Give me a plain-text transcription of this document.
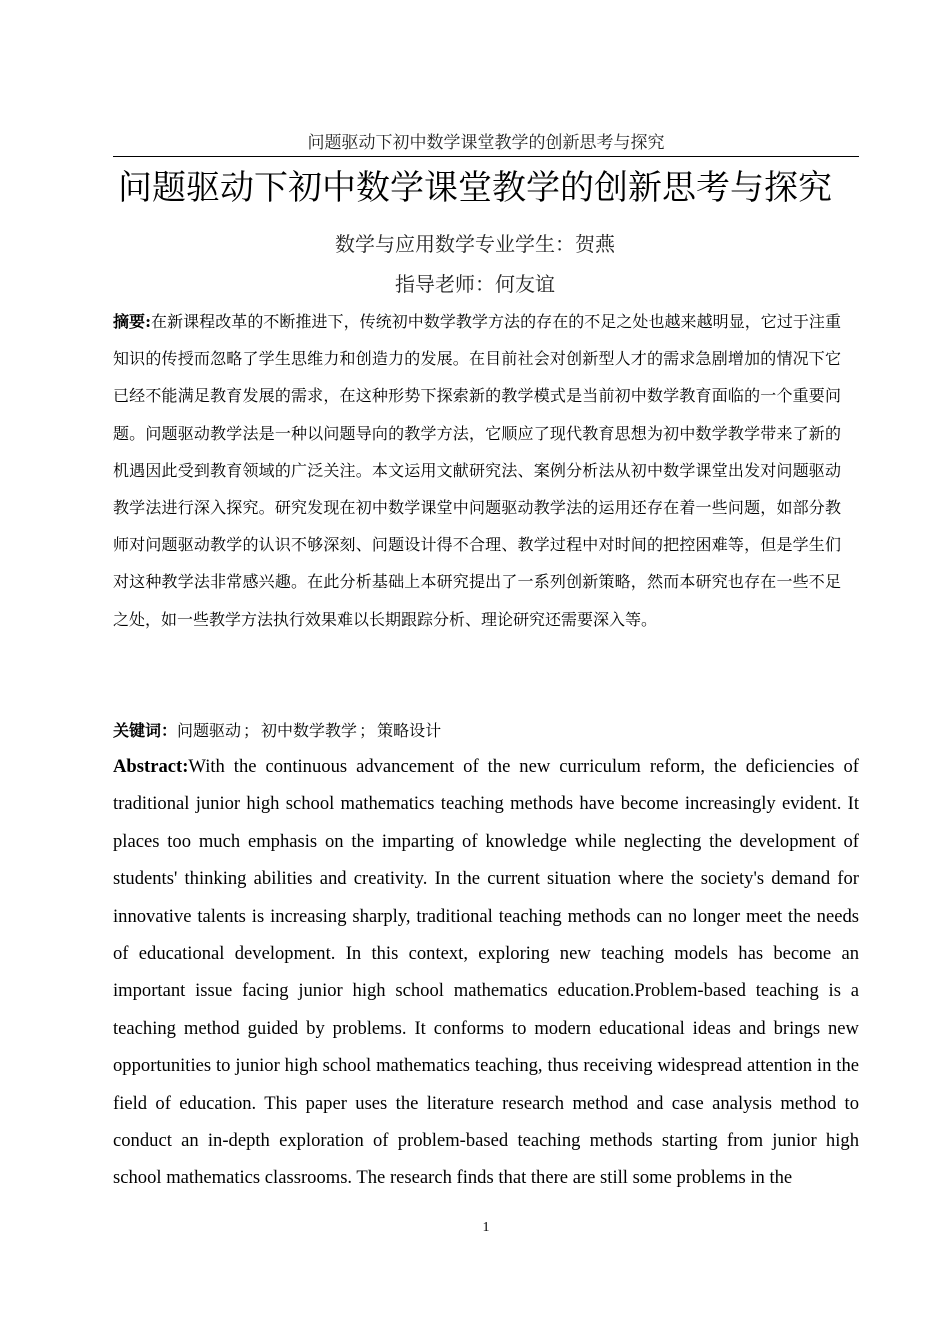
问题驱动下初中数学课堂教学的创新思考与探究
问题驱动下初中数学课堂教学的创新思考与探究
数学与应用数学专业学生：贺燕
指导老师：何友谊

摘要:在新课程改革的不断推进下，传统初中数学教学方法的存在的不足之处也越来越明显，它过于注重知识的传授而忽略了学生思维力和创造力的发展。在目前社会对创新型人才的需求急剧增加的情况下它已经不能满足教育发展的需求，在这种形势下探索新的教学模式是当前初中数学教育面临的一个重要问题。问题驱动教学法是一种以问题导向的教学方法，它顺应了现代教育思想为初中数学教学带来了新的机遇因此受到教育领域的广泛关注。本文运用文献研究法、案例分析法从初中数学课堂出发对问题驱动教学法进行深入探究。研究发现在初中数学课堂中问题驱动教学法的运用还存在着一些问题，如部分教师对问题驱动教学的认识不够深刻、问题设计得不合理、教学过程中对时间的把控困难等，但是学生们对这种教学法非常感兴趣。在此分析基础上本研究提出了一系列创新策略，然而本研究也存在一些不足之处，如一些教学方法执行效果难以长期跟踪分析、理论研究还需要深入等。

关键词：问题驱动 ； 初中数学教学 ； 策略设计

Abstract:With the continuous advancement of the new curriculum reform, the deficiencies of traditional junior high school mathematics teaching methods have become increasingly evident. It places too much emphasis on the imparting of knowledge while neglecting the development of students' thinking abilities and creativity. In the current situation where the society's demand for innovative talents is increasing sharply, traditional teaching methods can no longer meet the needs of educational development. In this context, exploring new teaching models has become an important issue facing junior high school mathematics education.Problem-based teaching is a teaching method guided by problems. It conforms to modern educational ideas and brings new opportunities to junior high school mathematics teaching, thus receiving widespread attention in the field of education. This paper uses the literature research method and case analysis method to conduct an in-depth exploration of problem-based teaching methods starting from junior high school mathematics classrooms. The research finds that there are still some problems in the

1
